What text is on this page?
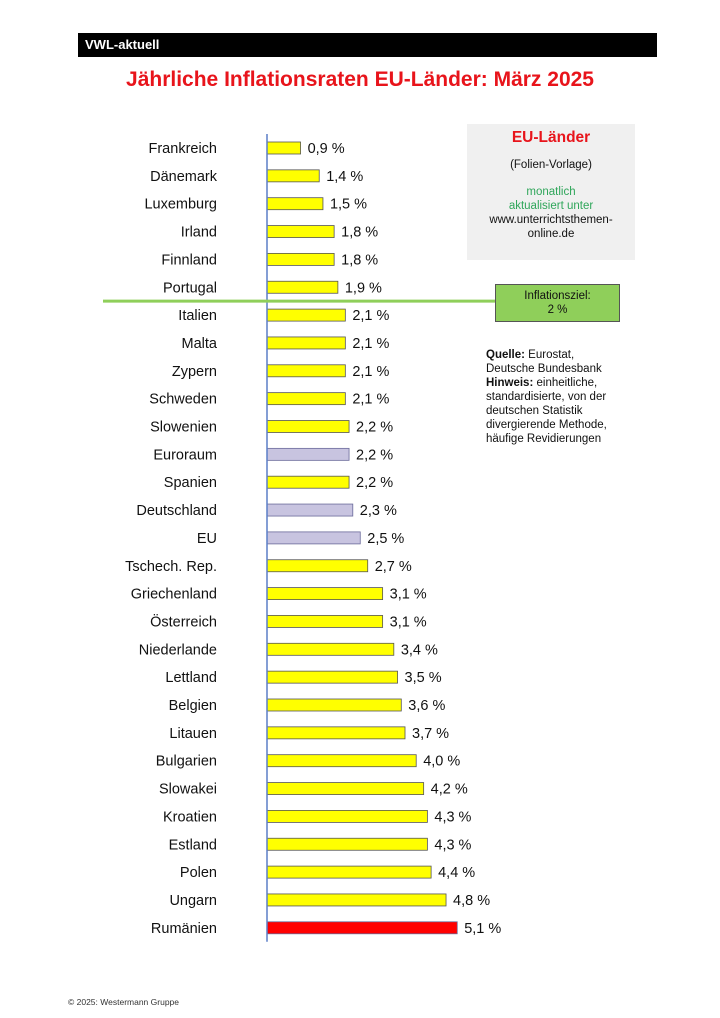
VWL-aktuell
Jährliche Inflationsraten EU-Länder: März 2025
Frankreich	0,9 %
Dänemark	1,4 %
Luxemburg	1,5 %
Irland	1,8 %
Finnland	1,8 %
Portugal	1,9 %
Italien	2,1 %
Malta	2,1 %
Zypern	2,1 %
Schweden	2,1 %
Slowenien	2,2 %
Euroraum	2,2 %
Spanien	2,2 %
Deutschland	2,3 %
EU	2,5 %
Tschech. Rep.	2,7 %
Griechenland	3,1 %
Österreich	3,1 %
Niederlande	3,4 %
Lettland	3,5 %
Belgien	3,6 %
Litauen	3,7 %
Bulgarien	4,0 %
Slowakei	4,2 %
Kroatien	4,3 %
Estland	4,3 %
Polen	4,4 %
Ungarn	4,8 %
Rumänien	5,1 %
EU-Länder
(Folien-Vorlage)
monatlich
aktualisiert unter
www.unterrichtsthemen-
online.de
Inflationsziel:
2 %
Quelle: Eurostat,
Deutsche Bundesbank
Hinweis: einheitliche,
standardisierte, von der
deutschen Statistik
divergierende Methode,
häufige Revidierungen
© 2025: Westermann Gruppe
